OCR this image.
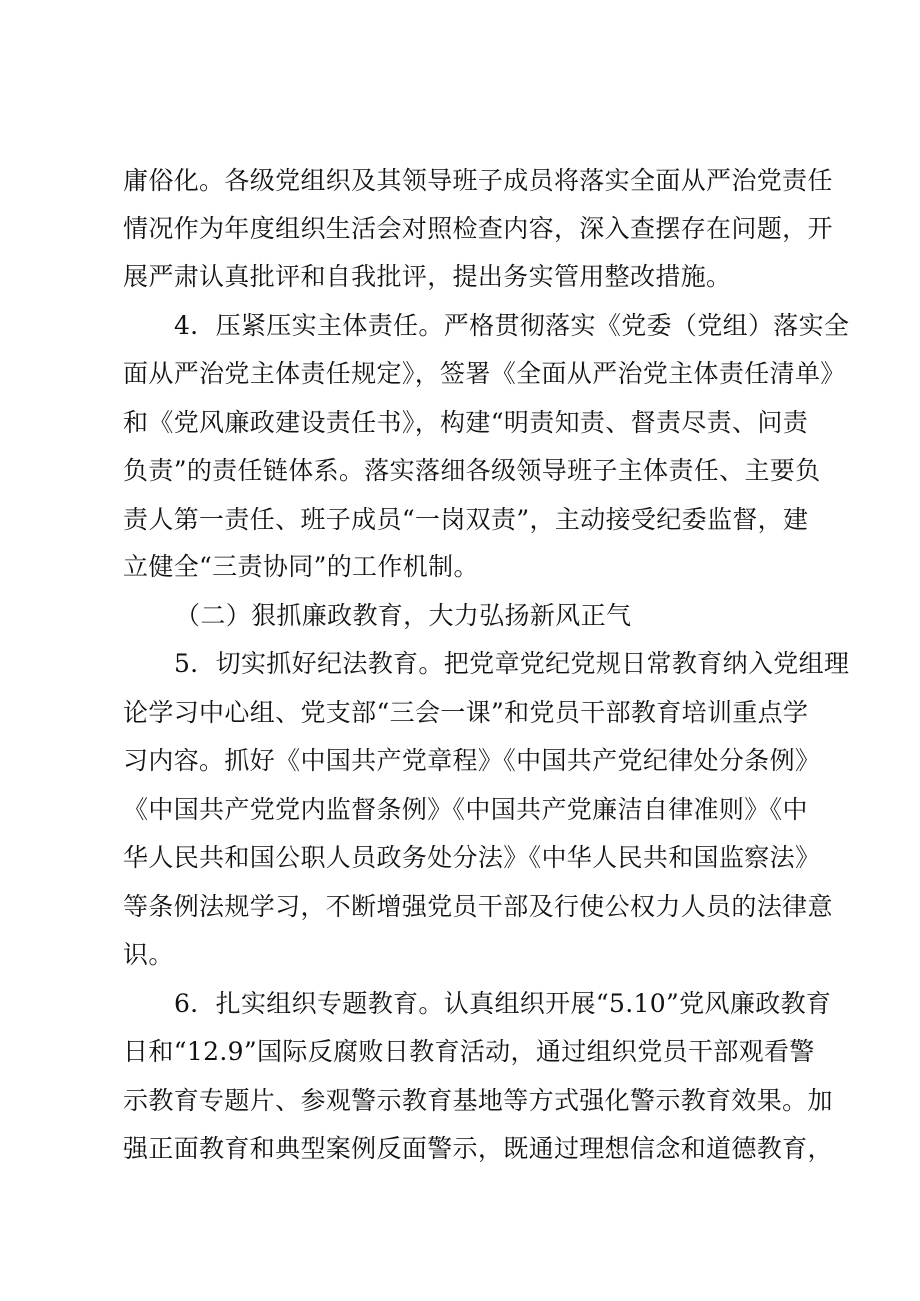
庸俗化。各级党组织及其领导班子成员将落实全面从严治党责任
情况作为年度组织生活会对照检查内容，深入查摆存在问题，开
展严肃认真批评和自我批评，提出务实管用整改措施。
4．压紧压实主体责任。严格贯彻落实《党委（党组）落实全
面从严治党主体责任规定》，签署《全面从严治党主体责任清单》
和《党风廉政建设责任书》，构建“明责知责、督责尽责、问责
负责”的责任链体系。落实落细各级领导班子主体责任、主要负
责人第一责任、班子成员“一岗双责”，主动接受纪委监督，建
立健全“三责协同”的工作机制。
（二）狠抓廉政教育，大力弘扬新风正气
5．切实抓好纪法教育。把党章党纪党规日常教育纳入党组理
论学习中心组、党支部“三会一课”和党员干部教育培训重点学
习内容。抓好《中国共产党章程》《中国共产党纪律处分条例》
《中国共产党党内监督条例》《中国共产党廉洁自律准则》《中
华人民共和国公职人员政务处分法》《中华人民共和国监察法》
等条例法规学习，不断增强党员干部及行使公权力人员的法律意
识。
6．扎实组织专题教育。认真组织开展“5.10”党风廉政教育
日和“12.9”国际反腐败日教育活动，通过组织党员干部观看警
示教育专题片、参观警示教育基地等方式强化警示教育效果。加
强正面教育和典型案例反面警示，既通过理想信念和道德教育，
